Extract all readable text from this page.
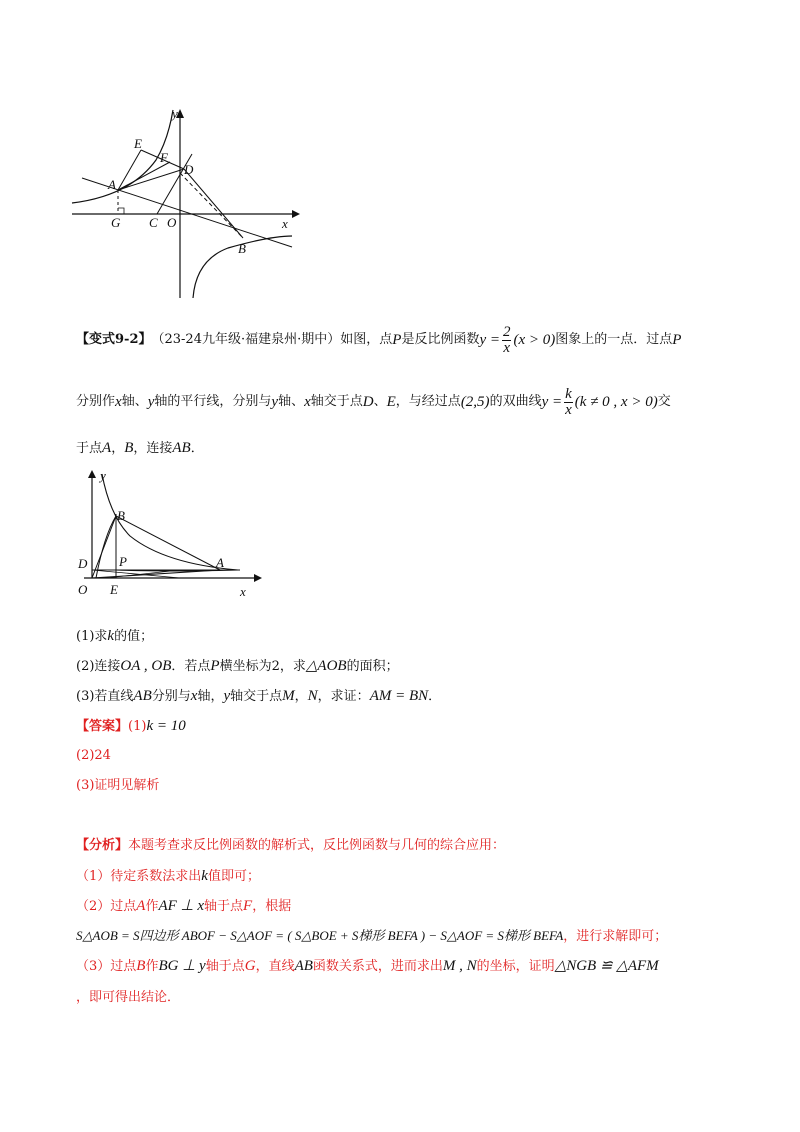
y
x
E
F
D
A
G C O
B
【变式9-2】 （23-24九年级·福建泉州·期中） 如图，点 P 是反比例函数 $y = \frac{2}{x} (x > 0)$ 图象上的一点．过点 P
分别作 x 轴、 y 轴的平行线，分别与 y 轴、 x 轴交于点 D 、 E ，与经过点 (2,5) 的双曲线 $y = \frac{k}{x} (k \ne 0$ , x > 0) 交
于点A，B，连接AB．
y
B
D P	A
O E	x
(1)求k的值；
(2)连接OA , OB．若点P横坐标为2，求△AOB的面积；
(3)若直线AB分别与x轴，y轴交于点M，N，求证：AM = BN．
【答案】(1)k = 10
(2)24
(3)证明见解析
【分析】本题考查求反比例函数的解析式，反比例函数与几何的综合应用：
（1）待定系数法求出k值即可；
（2）过点A作AF ⊥ x轴于点F，根据
S△AOB = S四边形 ABOF − S△AOF = ( S△BOE + S梯形 BEFA ) − S△AOF = S梯形 BEFA，进行求解即可；
（3）过点B作BG ⊥ y轴于点G，直线AB函数关系式，进而求出M , N的坐标，证明△NGB ≌ △AFM
，即可得出结论．
